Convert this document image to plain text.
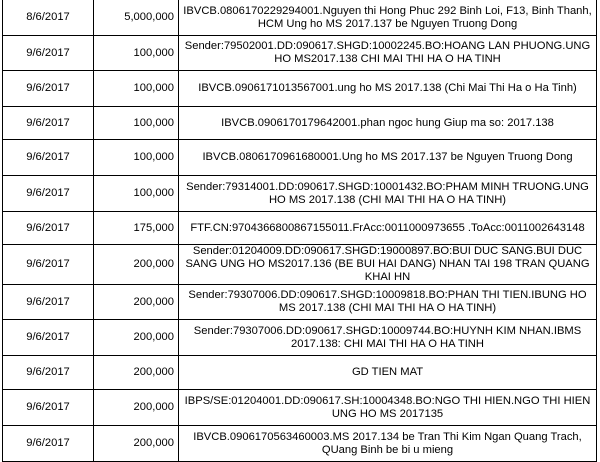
8/6/2017	5,000,000	IBVCB.0806170229294001.Nguyen thi Hong Phuc 292 Binh Loi, F13, Binh Thanh, HCM Ung ho MS 2017.137 be Nguyen Truong Dong
9/6/2017	100,000	Sender:79502001.DD:090617.SHGD:10002245.BO:HOANG LAN PHUONG.UNG HO MS2017.138 CHI MAI THI HA O HA TINH
9/6/2017	100,000	IBVCB.0906171013567001.ung ho MS 2017.138 (Chi Mai Thi Ha o Ha Tinh)
9/6/2017	100,000	IBVCB.0906170179642001.phan ngoc hung Giup ma so: 2017.138
9/6/2017	100,000	IBVCB.0806170961680001.Ung ho MS 2017.137 be Nguyen Truong Dong
9/6/2017	100,000	Sender:79314001.DD:090617.SHGD:10001432.BO:PHAM MINH TRUONG.UNG HO MS 2017.138 (CHI MAI THI HA O HA TINH)
9/6/2017	175,000	FTF.CN:9704366800867155011.FrAcc:0011000973655 .ToAcc:0011002643148
9/6/2017	200,000	Sender:01204009.DD:090617.SHGD:19000897.BO:BUI DUC SANG.BUI DUC SANG UNG HO MS2017.136 (BE BUI HAI DANG) NHAN TAI 198 TRAN QUANG KHAI HN
9/6/2017	200,000	Sender:79307006.DD:090617.SHGD:10009818.BO:PHAN THI TIEN.IBUNG HO MS 2017.138 (CHI MAI THI HA O HA TINH)
9/6/2017	200,000	Sender:79307006.DD:090617.SHGD:10009744.BO:HUYNH KIM NHAN.IBMS 2017.138: CHI MAI THI HA O HA TINH
9/6/2017	200,000	GD TIEN MAT
9/6/2017	200,000	IBPS/SE:01204001.DD:090617.SH:10004348.BO:NGO THI HIEN.NGO THI HIEN UNG HO MS 2017135
9/6/2017	200,000	IBVCB.0906170563460003.MS 2017.134 be Tran Thi Kim Ngan Quang Trach, QUang Binh be bi u mieng
